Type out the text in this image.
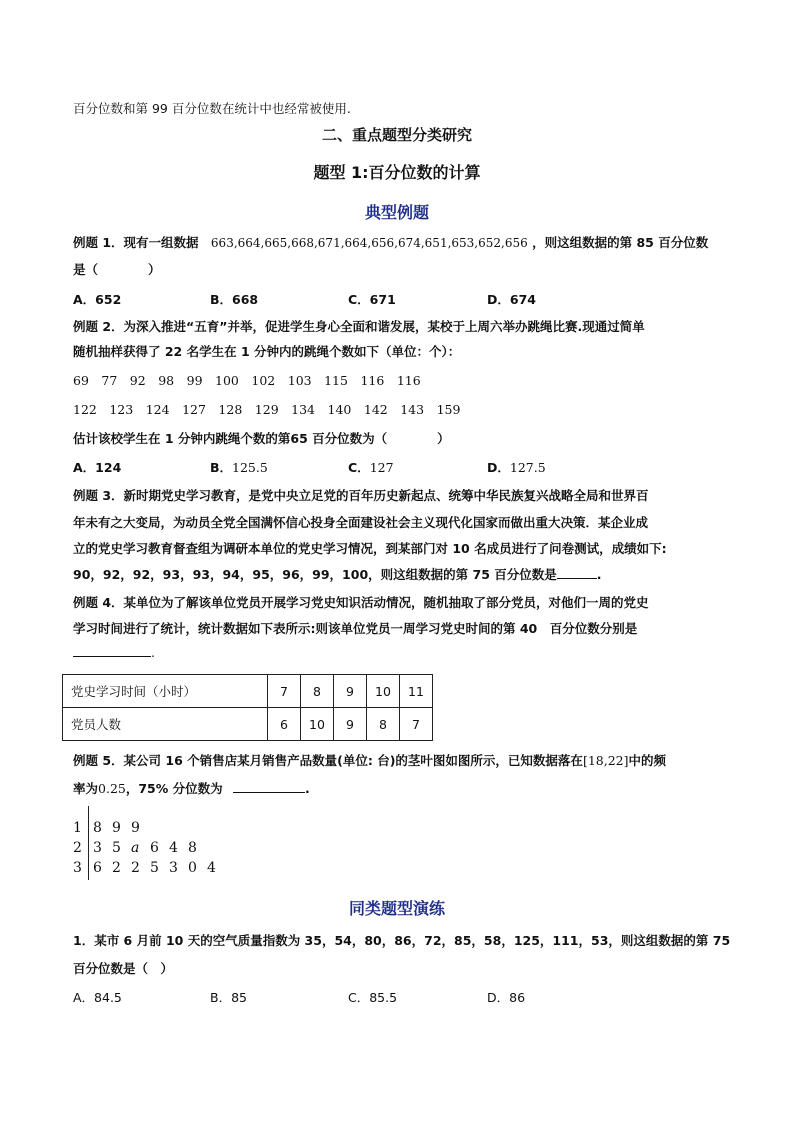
百分位数和第 99 百分位数在统计中也经常被使用.
二、重点题型分类研究
题型 1:百分位数的计算
典型例题
例题 1．现有一组数据 663,664,665,668,671,664,656,674,651,653,652,656 ，则这组数据的第 85 百分位数
是（　　　　）
A．652	B．668	C．671	D．674
例题 2．为深入推进“五育”并举，促进学生身心全面和谐发展，某校于上周六举办跳绳比赛.现通过简单
随机抽样获得了 22 名学生在 1 分钟内的跳绳个数如下（单位：个）：
69　77　92　98　99　100　102　103　115　116　116
122　123　124　127　128　129　134　140　142　143　159
估计该校学生在 1 分钟内跳绳个数的第65 百分位数为（　　　　）
A．124	B．125.5	C．127	D．127.5
例题 3．新时期党史学习教育，是党中央立足党的百年历史新起点、统筹中华民族复兴战略全局和世界百
年未有之大变局，为动员全党全国满怀信心投身全面建设社会主义现代化国家而做出重大决策．某企业成
立的党史学习教育督查组为调研本单位的党史学习情况，到某部门对 10 名成员进行了问卷测试，成绩如下:
90，92，92，93，93，94，95，96，99，100，则这组数据的第 75 百分位数是	.
例题 4．某单位为了解该单位党员开展学习党史知识活动情况，随机抽取了部分党员，对他们一周的党史
学习时间进行了统计，统计数据如下表所示:则该单位党员一周学习党史时间的第 40　百分位数分别是
.
党史学习时间（小时）	7	8	9	10	11
党员人数	6	10	9	8	7
例题 5．某公司 16 个销售店某月销售产品数量(单位: 台)的茎叶图如图所示，已知数据落在[18,22]中的频
率为0.25，75% 分位数为	.
1 8 9 9
2 3 5 a 6 4 8
3 6 2 2 5 3 0 4
同类题型演练
1．某市 6 月前 10 天的空气质量指数为 35，54，80，86，72，85，58，125，111，53，则这组数据的第 75
百分位数是（　）
A．84.5	B．85	C．85.5	D．86
